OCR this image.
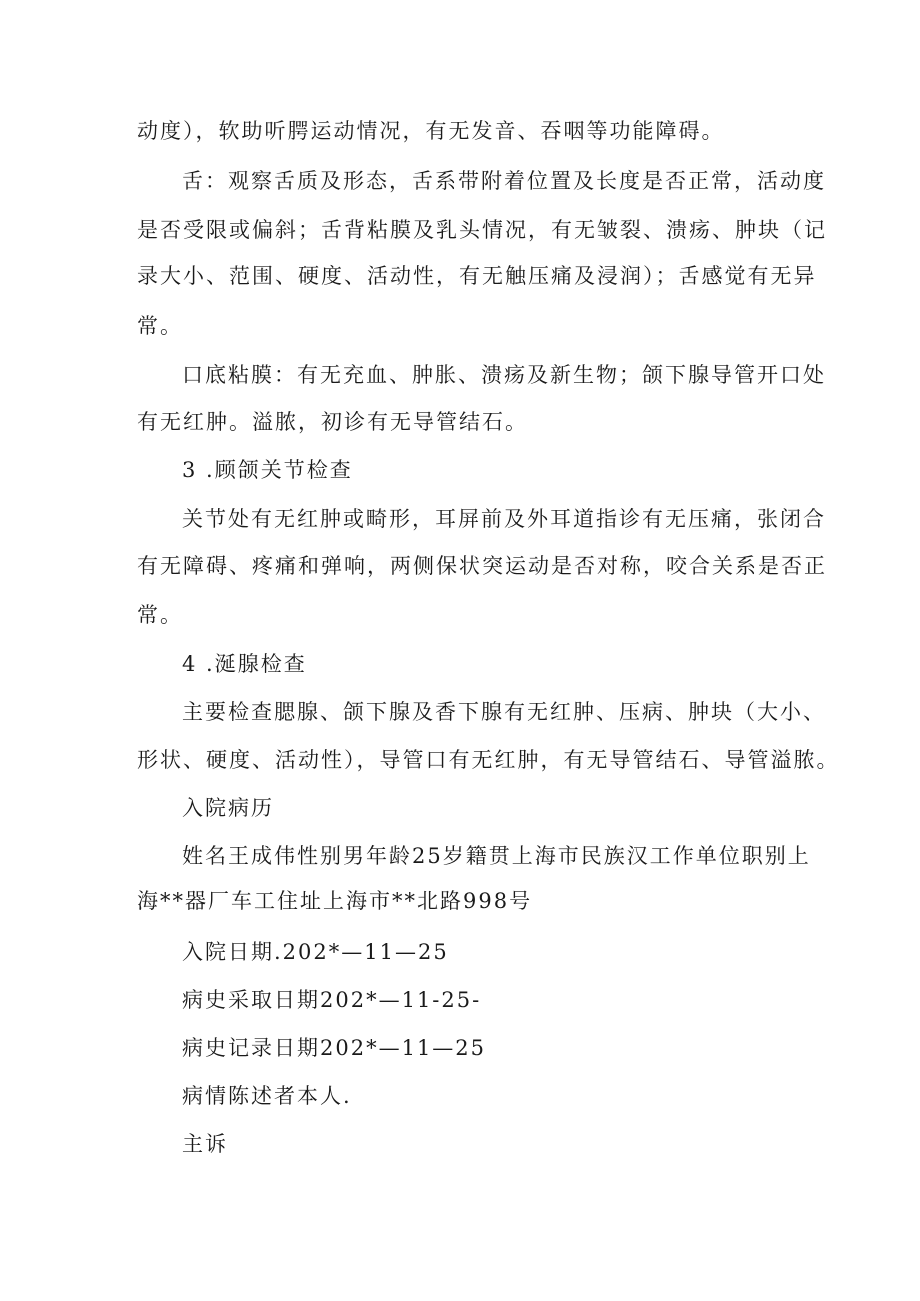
动度），软助听腭运动情况，有无发音、吞咽等功能障碍。
舌：观察舌质及形态，舌系带附着位置及长度是否正常，活动度
是否受限或偏斜；舌背粘膜及乳头情况，有无皱裂、溃疡、肿块（记
录大小、范围、硬度、活动性，有无触压痛及浸润）；舌感觉有无异
常。
口底粘膜：有无充血、肿胀、溃疡及新生物；颌下腺导管开口处
有无红肿。溢脓，初诊有无导管结石。
3 .顾颌关节检查
关节处有无红肿或畸形，耳屏前及外耳道指诊有无压痛，张闭合
有无障碍、疼痛和弹响，两侧保状突运动是否对称，咬合关系是否正
常。
4 .涎腺检查
主要检查腮腺、颌下腺及香下腺有无红肿、压病、肿块（大小、
形状、硬度、活动性），导管口有无红肿，有无导管结石、导管溢脓。
入院病历
姓名王成伟性别男年龄25岁籍贯上海市民族汉工作单位职别上
海**器厂车工住址上海市**北路998号
入院日期.202*—11—25
病史采取日期202*—11-25-
病史记录日期202*—11—25
病情陈述者本人.
主诉
